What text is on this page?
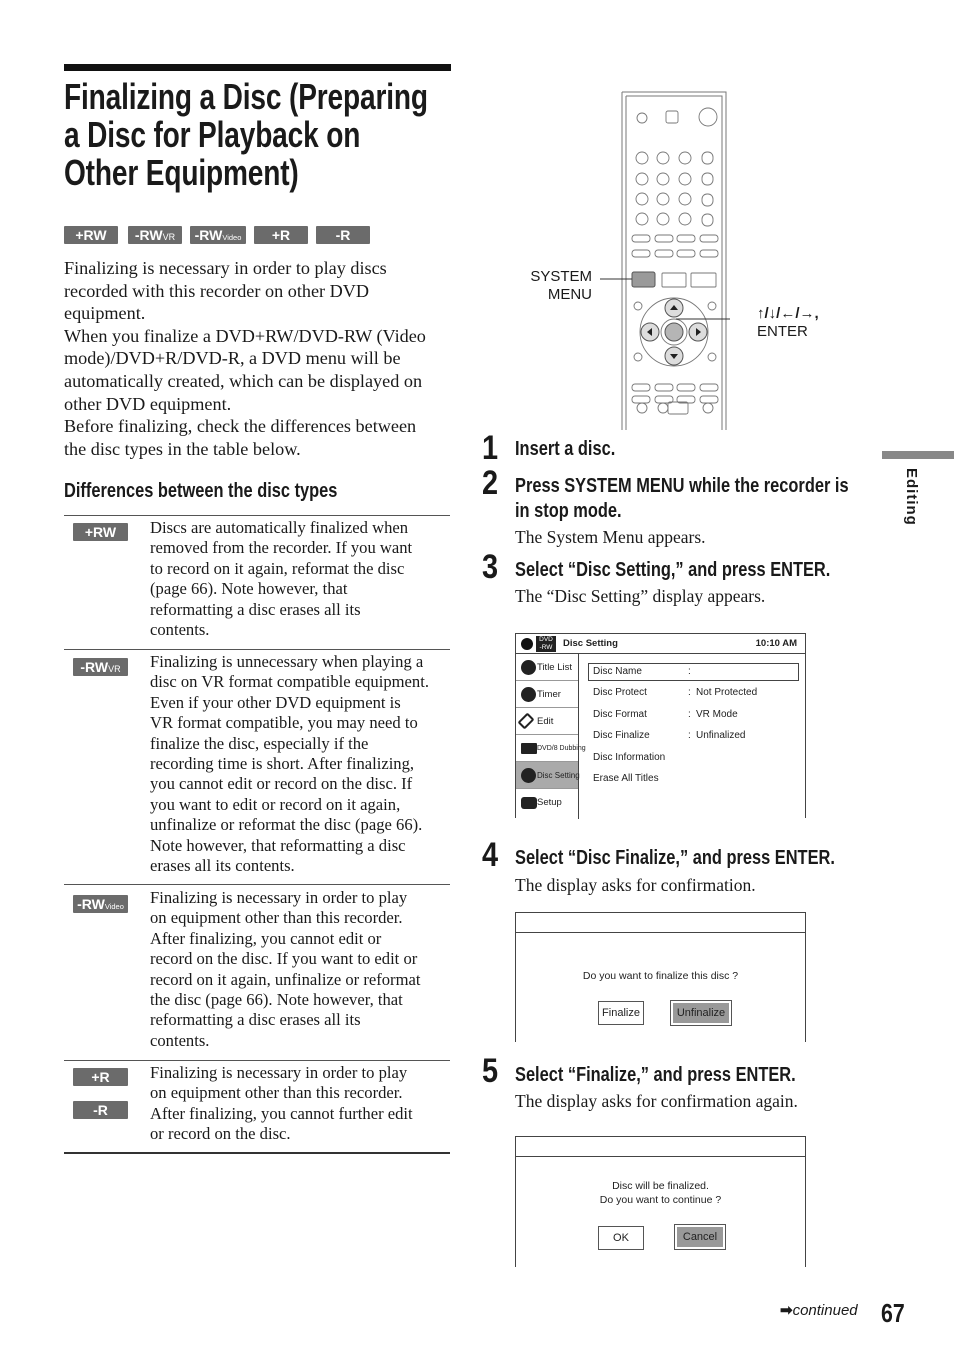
Finalizing a Disc (Preparing
a Disc for Playback on
Other Equipment)
+RW	-RWVR	-RWVideo	+R	-R
Finalizing is necessary in order to play discs
recorded with this recorder on other DVD
equipment.
When you finalize a DVD+RW/DVD-RW (Video
mode)/DVD+R/DVD-R, a DVD menu will be
automatically created, which can be displayed on
other DVD equipment.
Before finalizing, check the differences between
the disc types in the table below.
Differences between the disc types
+RW	Discs are automatically finalized when
removed from the recorder. If you want
to record on it again, reformat the disc
(page 66). Note however, that
reformatting a disc erases all its
contents.
-RWVR	Finalizing is unnecessary when playing a
disc on VR format compatible equipment.
Even if your other DVD equipment is
VR format compatible, you may need to
finalize the disc, especially if the
recording time is short. After finalizing,
you cannot edit or record on the disc. If
you want to edit or record on it again,
unfinalize or reformat the disc (page 66).
Note however, that reformatting a disc
erases all its contents.
-RWVideo Finalizing is necessary in order to play
on equipment other than this recorder.
After finalizing, you cannot edit or
record on the disc. If you want to edit or
record on it again, unfinalize or reformat
the disc (page 66). Note however, that
reformatting a disc erases all its
contents.
+R
-R
Finalizing is necessary in order to play
on equipment other than this recorder.
After finalizing, you cannot further edit
or record on the disc.
SYSTEM
MENU
↑/↓/←/→,
ENTER
1 Insert a disc.
2 Press SYSTEM MENU while the recorder is
in stop mode.
The System Menu appears.
3 Select “Disc Setting,” and press ENTER.
The “Disc Setting” display appears.
DVD
-RW	Disc Setting	10:10 AM
Title List
Timer
Edit
DVD/8 Dubbing
Disc Setting
Setup
Disc Name	:
Disc Protect	: Not Protected
Disc Format	: VR Mode
Disc Finalize	: Unfinalized
Disc Information
Erase All Titles
4 Select “Disc Finalize,” and press ENTER.
The display asks for confirmation.
Do you want to finalize this disc ?
Finalize	Unfinalize
5 Select “Finalize,” and press ENTER.
The display asks for confirmation again.
Disc will be finalized.
Do you want to continue ?
OK	Cancel
Editing
➡continued 67
